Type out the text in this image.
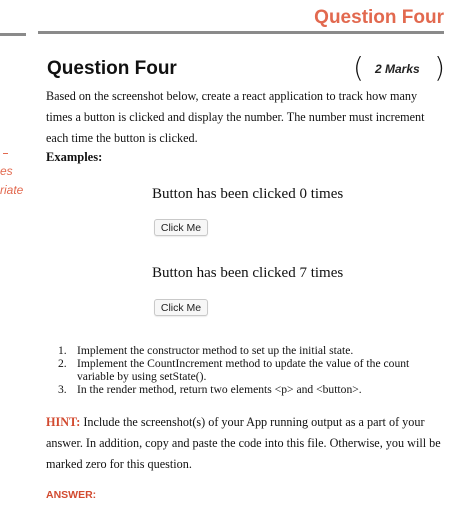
Question Four
Question Four	( 2 Marks )
Based on the screenshot below, create a react application to track how many times a button is clicked and display the number. The number must increment each time the button is clicked.
es
riate
Examples:
Button has been clicked 0 times
Click Me
Button has been clicked 7 times
Click Me
1. Implement the constructor method to set up the initial state.
2. Implement the CountIncrement method to update the value of the count variable by using setState().
3. In the render method, return two elements <p> and <button>.
HINT: Include the screenshot(s) of your App running output as a part of your answer. In addition, copy and paste the code into this file. Otherwise, you will be marked zero for this question.
ANSWER:
